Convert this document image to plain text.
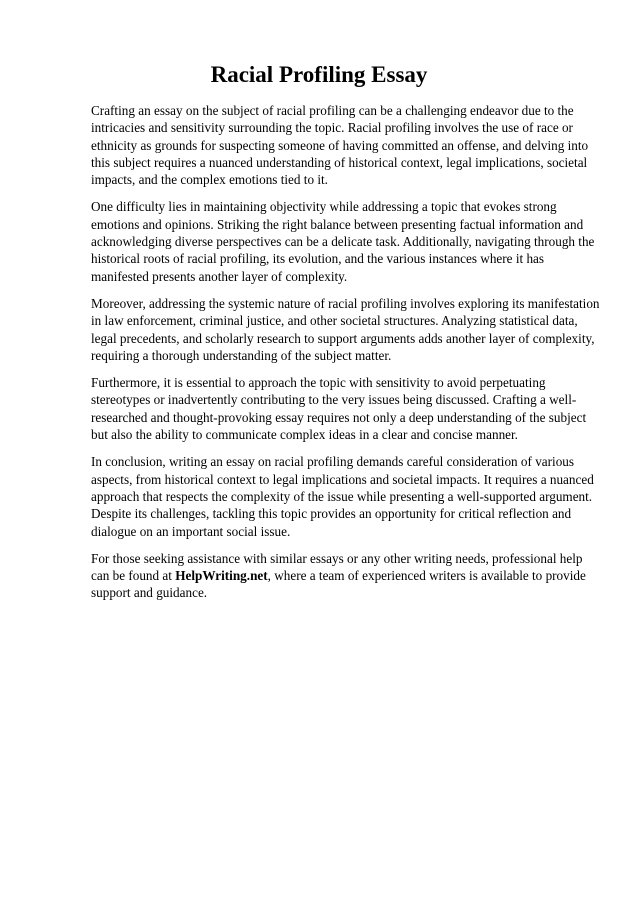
Racial Profiling Essay

Crafting an essay on the subject of racial profiling can be a challenging endeavor due to the intricacies and sensitivity surrounding the topic. Racial profiling involves the use of race or ethnicity as grounds for suspecting someone of having committed an offense, and delving into this subject requires a nuanced understanding of historical context, legal implications, societal impacts, and the complex emotions tied to it.

One difficulty lies in maintaining objectivity while addressing a topic that evokes strong emotions and opinions. Striking the right balance between presenting factual information and acknowledging diverse perspectives can be a delicate task. Additionally, navigating through the historical roots of racial profiling, its evolution, and the various instances where it has manifested presents another layer of complexity.

Moreover, addressing the systemic nature of racial profiling involves exploring its manifestation in law enforcement, criminal justice, and other societal structures. Analyzing statistical data, legal precedents, and scholarly research to support arguments adds another layer of complexity, requiring a thorough understanding of the subject matter.

Furthermore, it is essential to approach the topic with sensitivity to avoid perpetuating stereotypes or inadvertently contributing to the very issues being discussed. Crafting a well-researched and thought-provoking essay requires not only a deep understanding of the subject but also the ability to communicate complex ideas in a clear and concise manner.

In conclusion, writing an essay on racial profiling demands careful consideration of various aspects, from historical context to legal implications and societal impacts. It requires a nuanced approach that respects the complexity of the issue while presenting a well-supported argument. Despite its challenges, tackling this topic provides an opportunity for critical reflection and dialogue on an important social issue.

For those seeking assistance with similar essays or any other writing needs, professional help can be found at HelpWriting.net, where a team of experienced writers is available to provide support and guidance.
